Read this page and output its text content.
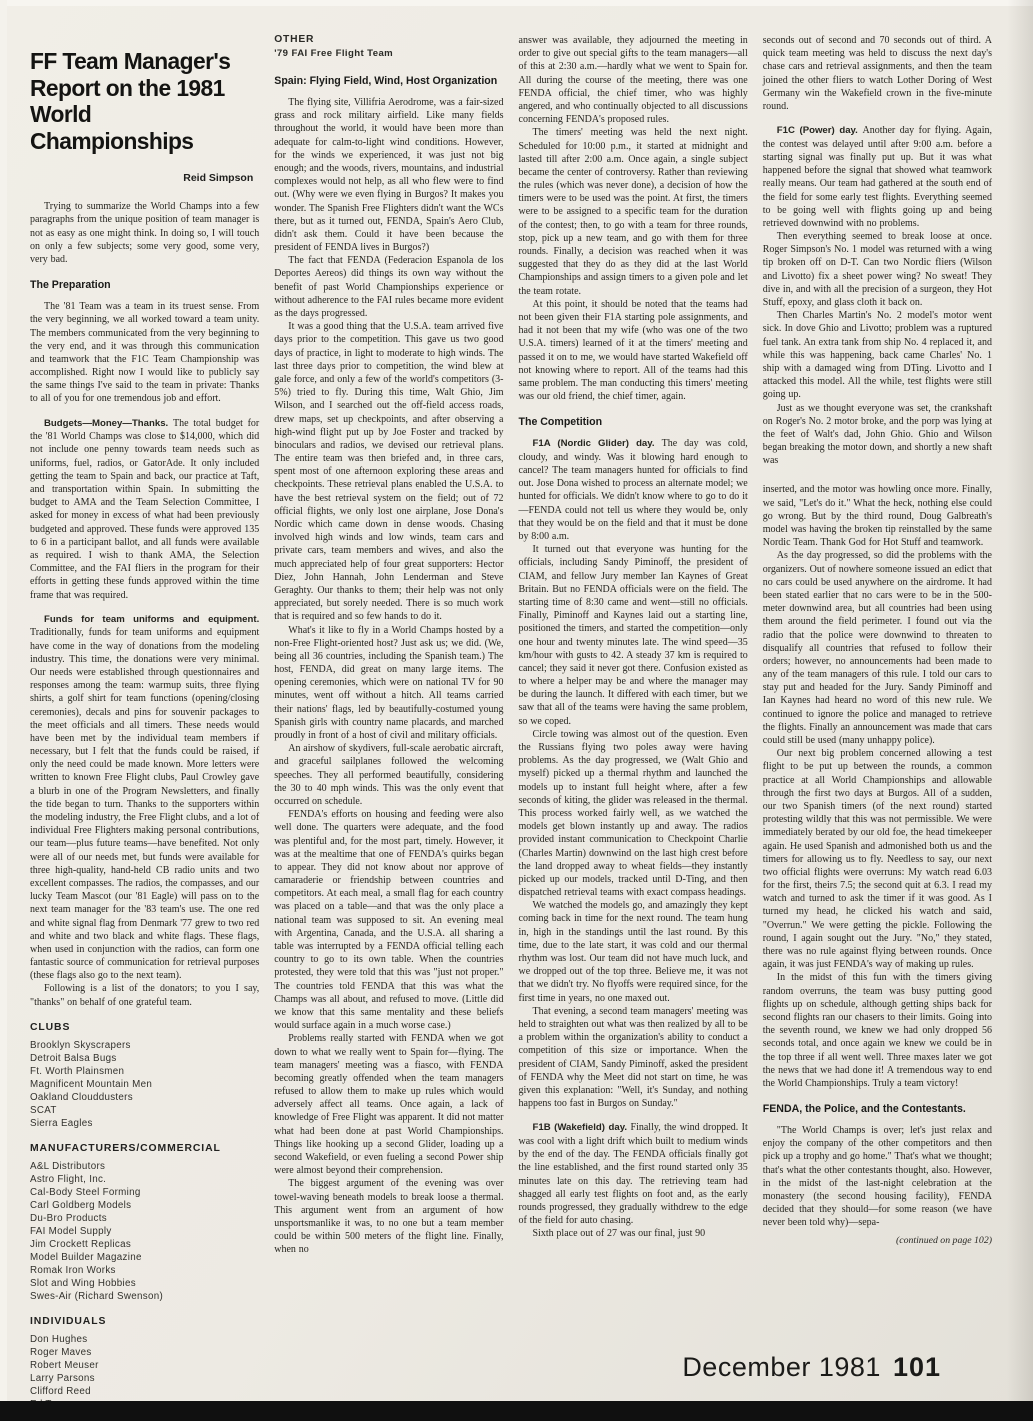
FF Team Manager's
Report on the 1981
World Championships
Reid Simpson

Trying to summarize the World Champs into a few paragraphs from the unique position of team manager is not as easy as one might think. In doing so, I will touch on only a few subjects; some very good, some very, very bad.

The Preparation

The '81 Team was a team in its truest sense. From the very beginning, we all worked toward a team unity. The members communicated from the very beginning to the very end, and it was through this communication and teamwork that the F1C Team Championship was accomplished. Right now I would like to publicly say the same things I've said to the team in private: Thanks to all of you for one tremendous job and effort.

Budgets—Money—Thanks. The total budget for the '81 World Champs was close to $14,000, which did not include one penny towards team needs such as uniforms, fuel, radios, or GatorAde. It only included getting the team to Spain and back, our practice at Taft, and transportation within Spain. In submitting the budget to AMA and the Team Selection Committee, I asked for money in excess of what had been previously budgeted and approved. These funds were approved 135 to 6 in a participant ballot, and all funds were available as required. I wish to thank AMA, the Selection Committee, and the FAI fliers in the program for their efforts in getting these funds approved within the time frame that was required.

Funds for team uniforms and equipment. Traditionally, funds for team uniforms and equipment have come in the way of donations from the modeling industry. This time, the donations were very minimal. Our needs were established through questionnaires and responses among the team: warmup suits, three flying shirts, a golf shirt for team functions (opening/closing ceremonies), decals and pins for souvenir packages to the meet officials and all timers. These needs would have been met by the individual team members if necessary, but I felt that the funds could be raised, if only the need could be made known. More letters were written to known Free Flight clubs, Paul Crowley gave a blurb in one of the Program Newsletters, and finally the tide began to turn. Thanks to the supporters within the modeling industry, the Free Flight clubs, and a lot of individual Free Flighters making personal contributions, our team—plus future teams—have benefited. Not only were all of our needs met, but funds were available for three high-quality, hand-held CB radio units and two excellent compasses. The radios, the compasses, and our lucky Team Mascot (our '81 Eagle) will pass on to the next team manager for the '83 team's use. The one red and white signal flag from Denmark '77 grew to two red and white and two black and white flags. These flags, when used in conjunction with the radios, can form one fantastic source of communication for retrieval purposes (these flags also go to the next team).

Following is a list of the donators; to you I say, "thanks" on behalf of one grateful team.

CLUBS
Brooklyn Skyscrapers
Detroit Balsa Bugs
Ft. Worth Plainsmen
Magnificent Mountain Men
Oakland Clouddusters
SCAT
Sierra Eagles
MANUFACTURERS/COMMERCIAL
A&L Distributors
Astro Flight, Inc.
Cal-Body Steel Forming
Carl Goldberg Models
Du-Bro Products
FAI Model Supply
Jim Crockett Replicas
Model Builder Magazine
Romak Iron Works
Slot and Wing Hobbies
Swes-Air (Richard Swenson)
INDIVIDUALS
Don Hughes
Roger Maves
Robert Meuser
Larry Parsons
Clifford Reed
OTHER
'79 FAI Free Flight Team
Spain: Flying Field, Wind, Host Organization

The flying site, Villifria Aerodrome, was a fair-sized grass and rock military airfield. Like many fields throughout the world, it would have been more than adequate for calm-to-light wind conditions. However, for the winds we experienced, it was just not big enough; and the woods, rivers, mountains, and industrial complexes would not help, as all who flew were to find out. (Why were we even flying in Burgos? It makes you wonder. The Spanish Free Flighters didn't want the WCs there, but as it turned out, FENDA, Spain's Aero Club, didn't ask them. Could it have been because the president of FENDA lives in Burgos?)

The fact that FENDA (Federacion Espanola de los Deportes Aereos) did things its own way without the benefit of past World Championships experience or without adherence to the FAI rules became more evident as the days progressed.

It was a good thing that the U.S.A. team arrived five days prior to the competition. This gave us two good days of practice, in light to moderate to high winds. The last three days prior to competition, the wind blew at gale force, and only a few of the world's competitors (3-5%) tried to fly. During this time, Walt Ghio, Jim Wilson, and I searched out the off-field access roads, drew maps, set up checkpoints, and after observing a high-wind flight put up by Joe Foster and tracked by binoculars and radios, we devised our retrieval plans. The entire team was then briefed and, in three cars, spent most of one afternoon exploring these areas and checkpoints. These retrieval plans enabled the U.S.A. to have the best retrieval system on the field; out of 72 official flights, we only lost one airplane, Jose Dona's Nordic which came down in dense woods. Chasing involved high winds and low winds, team cars and private cars, team members and wives, and also the much appreciated help of four great supporters: Hector Diez, John Hannah, John Lenderman and Steve Geraghty. Our thanks to them; their help was not only appreciated, but sorely needed. There is so much work that is required and so few hands to do it.

What's it like to fly in a World Champs hosted by a non-Free Flight-oriented host? Just ask us; we did. (We, being all 36 countries, including the Spanish team.) The host, FENDA, did great on many large items. The opening ceremonies, which were on national TV for 90 minutes, went off without a hitch. All teams carried their nations' flags, led by beautifully-costumed young Spanish girls with country name placards, and marched proudly in front of a host of civil and military officials.

An airshow of skydivers, full-scale aerobatic aircraft, and graceful sailplanes followed the welcoming speeches. They all performed beautifully, considering the 30 to 40 mph winds. This was the only event that occurred on schedule.

FENDA's efforts on housing and feeding were also well done. The quarters were adequate, and the food was plentiful and, for the most part, timely. However, it was at the mealtime that one of FENDA's quirks began to appear. They did not know about nor approve of camaraderie or friendship between countries and competitors. At each meal, a small flag for each country was placed on a table—and that was the only place a national team was supposed to sit. An evening meal with Argentina, Canada, and the U.S.A. all sharing a table was interrupted by a FENDA official telling each country to go to its own table. When the countries protested, they were told that this was "just not proper." The countries told FENDA that this was what the Champs was all about, and refused to move. (Little did we know that this same mentality and these beliefs would surface again in a much worse case.)

Problems really started with FENDA when we got down to what we really went to Spain for—flying. The team managers' meeting was a fiasco, with FENDA becoming greatly offended when the team managers refused to allow them to make up rules which would adversely affect all teams. Once again, a lack of knowledge of Free Flight was apparent. It did not matter what had been done at past World Championships. Things like hooking up a second Glider, loading up a second Wakefield, or even fueling a second Power ship were almost beyond their comprehension.

The biggest argument of the evening was over towel-waving beneath models to break loose a thermal. This argument went from an argument of how unsportsmanlike it was, to no one but a team member could be within 500 meters of the flight line. Finally, when no

answer was available, they adjourned the meeting in order to give out special gifts to the team managers—all of this at 2:30 a.m.—hardly what we went to Spain for. All during the course of the meeting, there was one FENDA official, the chief timer, who was highly angered, and who continually objected to all discussions concerning FENDA's proposed rules.

The timers' meeting was held the next night. Scheduled for 10:00 p.m., it started at midnight and lasted till after 2:00 a.m. Once again, a single subject became the center of controversy. Rather than reviewing the rules (which was never done), a decision of how the timers were to be used was the point. At first, the timers were to be assigned to a specific team for the duration of the contest; then, to go with a team for three rounds, stop, pick up a new team, and go with them for three rounds. Finally, a decision was reached when it was suggested that they do as they did at the last World Championships and assign timers to a given pole and let the team rotate.

At this point, it should be noted that the teams had not been given their F1A starting pole assignments, and had it not been that my wife (who was one of the two U.S.A. timers) learned of it at the timers' meeting and passed it on to me, we would have started Wakefield off not knowing where to report. All of the teams had this same problem. The man conducting this timers' meeting was our old friend, the chief timer, again.

The Competition

F1A (Nordic Glider) day. The day was cold, cloudy, and windy. Was it blowing hard enough to cancel? The team managers hunted for officials to find out. Jose Dona wished to process an alternate model; we hunted for officials. We didn't know where to go to do it—FENDA could not tell us where they would be, only that they would be on the field and that it must be done by 8:00 a.m.

It turned out that everyone was hunting for the officials, including Sandy Piminoff, the president of CIAM, and fellow Jury member Ian Kaynes of Great Britain. But no FENDA officials were on the field. The starting time of 8:30 came and went—still no officials. Finally, Piminoff and Kaynes laid out a starting line, positioned the timers, and started the competition—only one hour and twenty minutes late. The wind speed—35 km/hour with gusts to 42. A steady 37 km is required to cancel; they said it never got there. Confusion existed as to where a helper may be and where the manager may be during the launch. It differed with each timer, but we saw that all of the teams were having the same problem, so we coped.

Circle towing was almost out of the question. Even the Russians flying two poles away were having problems. As the day progressed, we (Walt Ghio and myself) picked up a thermal rhythm and launched the models up to instant full height where, after a few seconds of kiting, the glider was released in the thermal. This process worked fairly well, as we watched the models get blown instantly up and away. The radios provided instant communication to Checkpoint Charlie (Charles Martin) downwind on the last high crest before the land dropped away to wheat fields—they instantly picked up our models, tracked until D-Ting, and then dispatched retrieval teams with exact compass headings.

We watched the models go, and amazingly they kept coming back in time for the next round. The team hung in, high in the standings until the last round. By this time, due to the late start, it was cold and our thermal rhythm was lost. Our team did not have much luck, and we dropped out of the top three. Believe me, it was not that we didn't try. No flyoffs were required since, for the first time in years, no one maxed out.

That evening, a second team managers' meeting was held to straighten out what was then realized by all to be a problem within the organization's ability to conduct a competition of this size or importance. When the president of CIAM, Sandy Piminoff, asked the president of FENDA why the Meet did not start on time, he was given this explanation: "Well, it's Sunday, and nothing happens too fast in Burgos on Sunday."

F1B (Wakefield) day. Finally, the wind dropped. It was cool with a light drift which built to medium winds by the end of the day. The FENDA officials finally got the line established, and the first round started only 35 minutes late on this day. The retrieving team had shagged all early test flights on foot and, as the early rounds progressed, they gradually withdrew to the edge of the field for auto chasing.

Sixth place out of 27 was our final, just 90

seconds out of second and 70 seconds out of third. A quick team meeting was held to discuss the next day's chase cars and retrieval assignments, and then the team joined the other fliers to watch Lother Doring of West Germany win the Wakefield crown in the five-minute round.

F1C (Power) day. Another day for flying. Again, the contest was delayed until after 9:00 a.m. before a starting signal was finally put up. But it was what happened before the signal that showed what teamwork really means. Our team had gathered at the south end of the field for some early test flights. Everything seemed to be going well with flights going up and being retrieved downwind with no problems.

Then everything seemed to break loose at once. Roger Simpson's No. 1 model was returned with a wing tip broken off on D-T. Can two Nordic fliers (Wilson and Livotto) fix a sheet power wing? No sweat! They dive in, and with all the precision of a surgeon, they Hot Stuff, epoxy, and glass cloth it back on.

Then Charles Martin's No. 2 model's motor went sick. In dove Ghio and Livotto; problem was a ruptured fuel tank. An extra tank from ship No. 4 replaced it, and while this was happening, back came Charles' No. 1 ship with a damaged wing from DTing. Livotto and I attacked this model. All the while, test flights were still going up.

Just as we thought everyone was set, the crankshaft on Roger's No. 2 motor broke, and the porp was lying at the feet of Walt's dad, John Ghio. Ghio and Wilson began breaking the motor down, and shortly a new shaft was

inserted, and the motor was howling once more. Finally, we said, "Let's do it." What the heck, nothing else could go wrong. But by the third round, Doug Galbreath's model was having the broken tip reinstalled by the same Nordic Team. Thank God for Hot Stuff and teamwork.

As the day progressed, so did the problems with the organizers. Out of nowhere someone issued an edict that no cars could be used anywhere on the airdrome. It had been stated earlier that no cars were to be in the 500-meter downwind area, but all countries had been using them around the field perimeter. I found out via the radio that the police were downwind to threaten to disqualify all countries that refused to follow their orders; however, no announcements had been made to any of the team managers of this rule. I told our cars to stay put and headed for the Jury. Sandy Piminoff and Ian Kaynes had heard no word of this new rule. We continued to ignore the police and managed to retrieve the flights. Finally an announcement was made that cars could still be used (many unhappy police).

Our next big problem concerned allowing a test flight to be put up between the rounds, a common practice at all World Championships and allowable through the first two days at Burgos. All of a sudden, our two Spanish timers (of the next round) started protesting wildly that this was not permissible. We were immediately berated by our old foe, the head timekeeper again. He used Spanish and admonished both us and the timers for allowing us to fly. Needless to say, our next two official flights were overruns: My watch read 6.03 for the first, theirs 7.5; the second quit at 6.3. I read my watch and turned to ask the timer if it was good. As I turned my head, he clicked his watch and said, "Overrun." We were getting the pickle. Following the round, I again sought out the Jury. "No," they stated, there was no rule against flying between rounds. Once again, it was just FENDA's way of making up rules.

In the midst of this fun with the timers giving random overruns, the team was busy putting good flights up on schedule, although getting ships back for second flights ran our chasers to their limits. Going into the seventh round, we knew we had only dropped 56 seconds total, and once again we knew we could be in the top three if all went well. Three maxes later we got the news that we had done it! A tremendous way to end the World Championships. Truly a team victory!

FENDA, the Police, and the Contestants.

"The World Champs is over; let's just relax and enjoy the company of the other competitors and then pick up a trophy and go home." That's what we thought; that's what the other contestants thought, also. However, in the midst of the last-night celebration at the monastery (the second housing facility), FENDA decided that they should—for some reason (we have never been told why)—sepa-

(continued on page 102)
December 1981 101
